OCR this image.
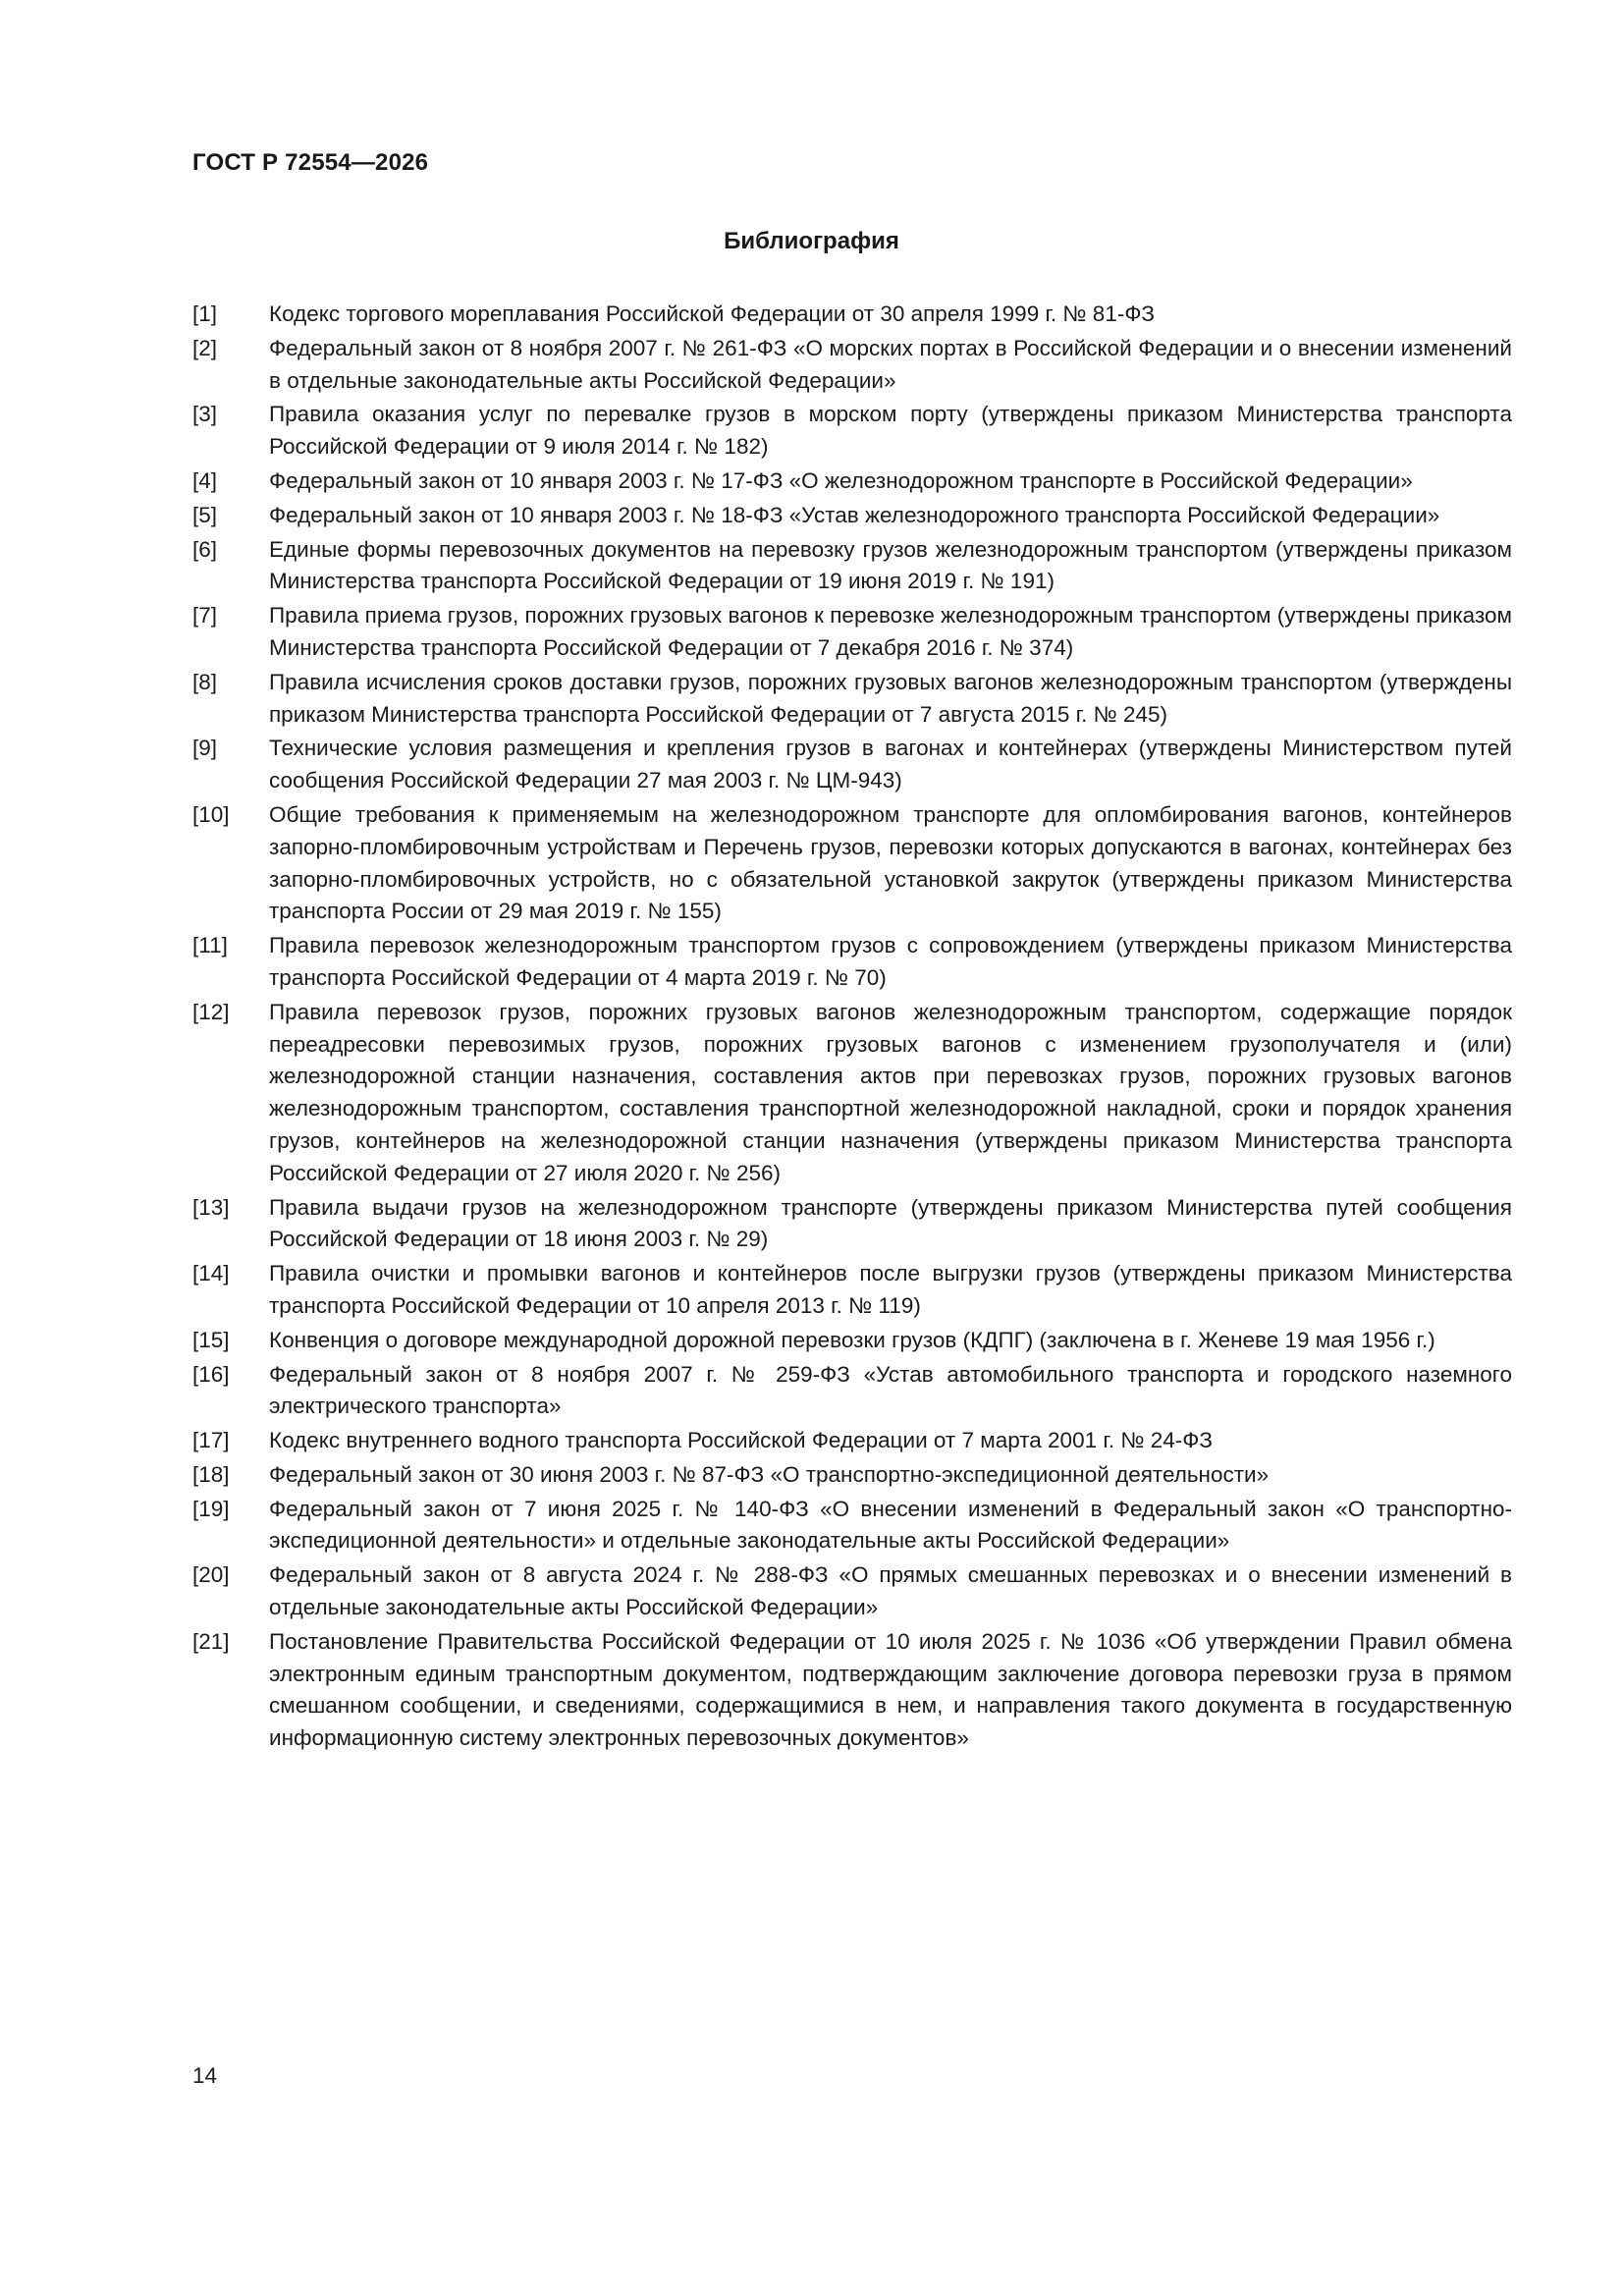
ГОСТ Р 72554—2026

Библиография
[1]	Кодекс торгового мореплавания Российской Федерации от 30 апреля 1999 г. № 81-ФЗ
[2]	Федеральный закон от 8 ноября 2007 г. № 261-ФЗ «О морских портах в Российской Федерации и о внесении изменений в отдельные законодательные акты Российской Федерации»
[3]	Правила оказания услуг по перевалке грузов в морском порту (утверждены приказом Министерства транспорта Российской Федерации от 9 июля 2014 г. № 182)
[4]	Федеральный закон от 10 января 2003 г. № 17-ФЗ «О железнодорожном транспорте в Российской Федерации»
[5]	Федеральный закон от 10 января 2003 г. № 18-ФЗ «Устав железнодорожного транспорта Российской Федерации»
[6]	Единые формы перевозочных документов на перевозку грузов железнодорожным транспортом (утверждены приказом Министерства транспорта Российской Федерации от 19 июня 2019 г. № 191)
[7]	Правила приема грузов, порожних грузовых вагонов к перевозке железнодорожным транспортом (утверждены приказом Министерства транспорта Российской Федерации от 7 декабря 2016 г. № 374)
[8]	Правила исчисления сроков доставки грузов, порожних грузовых вагонов железнодорожным транспортом (утверждены приказом Министерства транспорта Российской Федерации от 7 августа 2015 г. № 245)
[9]	Технические условия размещения и крепления грузов в вагонах и контейнерах (утверждены Министерством путей сообщения Российской Федерации 27 мая 2003 г. № ЦМ-943)
[10]	Общие требования к применяемым на железнодорожном транспорте для опломбирования вагонов, контейнеров запорно-пломбировочным устройствам и Перечень грузов, перевозки которых допускаются в вагонах, контейнерах без запорно-пломбировочных устройств, но с обязательной установкой закруток (утверждены приказом Министерства транспорта России от 29 мая 2019 г. № 155)
[11]	Правила перевозок железнодорожным транспортом грузов с сопровождением (утверждены приказом Министерства транспорта Российской Федерации от 4 марта 2019 г. № 70)
[12]	Правила перевозок грузов, порожних грузовых вагонов железнодорожным транспортом, содержащие порядок переадресовки перевозимых грузов, порожних грузовых вагонов с изменением грузополучателя и (или) железнодорожной станции назначения, составления актов при перевозках грузов, порожних грузовых вагонов железнодорожным транспортом, составления транспортной железнодорожной накладной, сроки и порядок хранения грузов, контейнеров на железнодорожной станции назначения (утверждены приказом Министерства транспорта Российской Федерации от 27 июля 2020 г. № 256)
[13]	Правила выдачи грузов на железнодорожном транспорте (утверждены приказом Министерства путей сообщения Российской Федерации от 18 июня 2003 г. № 29)
[14]	Правила очистки и промывки вагонов и контейнеров после выгрузки грузов (утверждены приказом Министерства транспорта Российской Федерации от 10 апреля 2013 г. № 119)
[15]	Конвенция о договоре международной дорожной перевозки грузов (КДПГ) (заключена в г. Женеве 19 мая 1956 г.)
[16]	Федеральный закон от 8 ноября 2007 г. № 259-ФЗ «Устав автомобильного транспорта и городского наземного электрического транспорта»
[17]	Кодекс внутреннего водного транспорта Российской Федерации от 7 марта 2001 г. № 24-ФЗ
[18]	Федеральный закон от 30 июня 2003 г. № 87-ФЗ «О транспортно-экспедиционной деятельности»
[19]	Федеральный закон от 7 июня 2025 г. № 140-ФЗ «О внесении изменений в Федеральный закон «О транспортно-экспедиционной деятельности» и отдельные законодательные акты Российской Федерации»
[20]	Федеральный закон от 8 августа 2024 г. № 288-ФЗ «О прямых смешанных перевозках и о внесении изменений в отдельные законодательные акты Российской Федерации»
[21]	Постановление Правительства Российской Федерации от 10 июля 2025 г. № 1036 «Об утверждении Правил обмена электронным единым транспортным документом, подтверждающим заключение договора перевозки груза в прямом смешанном сообщении, и сведениями, содержащимися в нем, и направления такого документа в государственную информационную систему электронных перевозочных документов»

14
